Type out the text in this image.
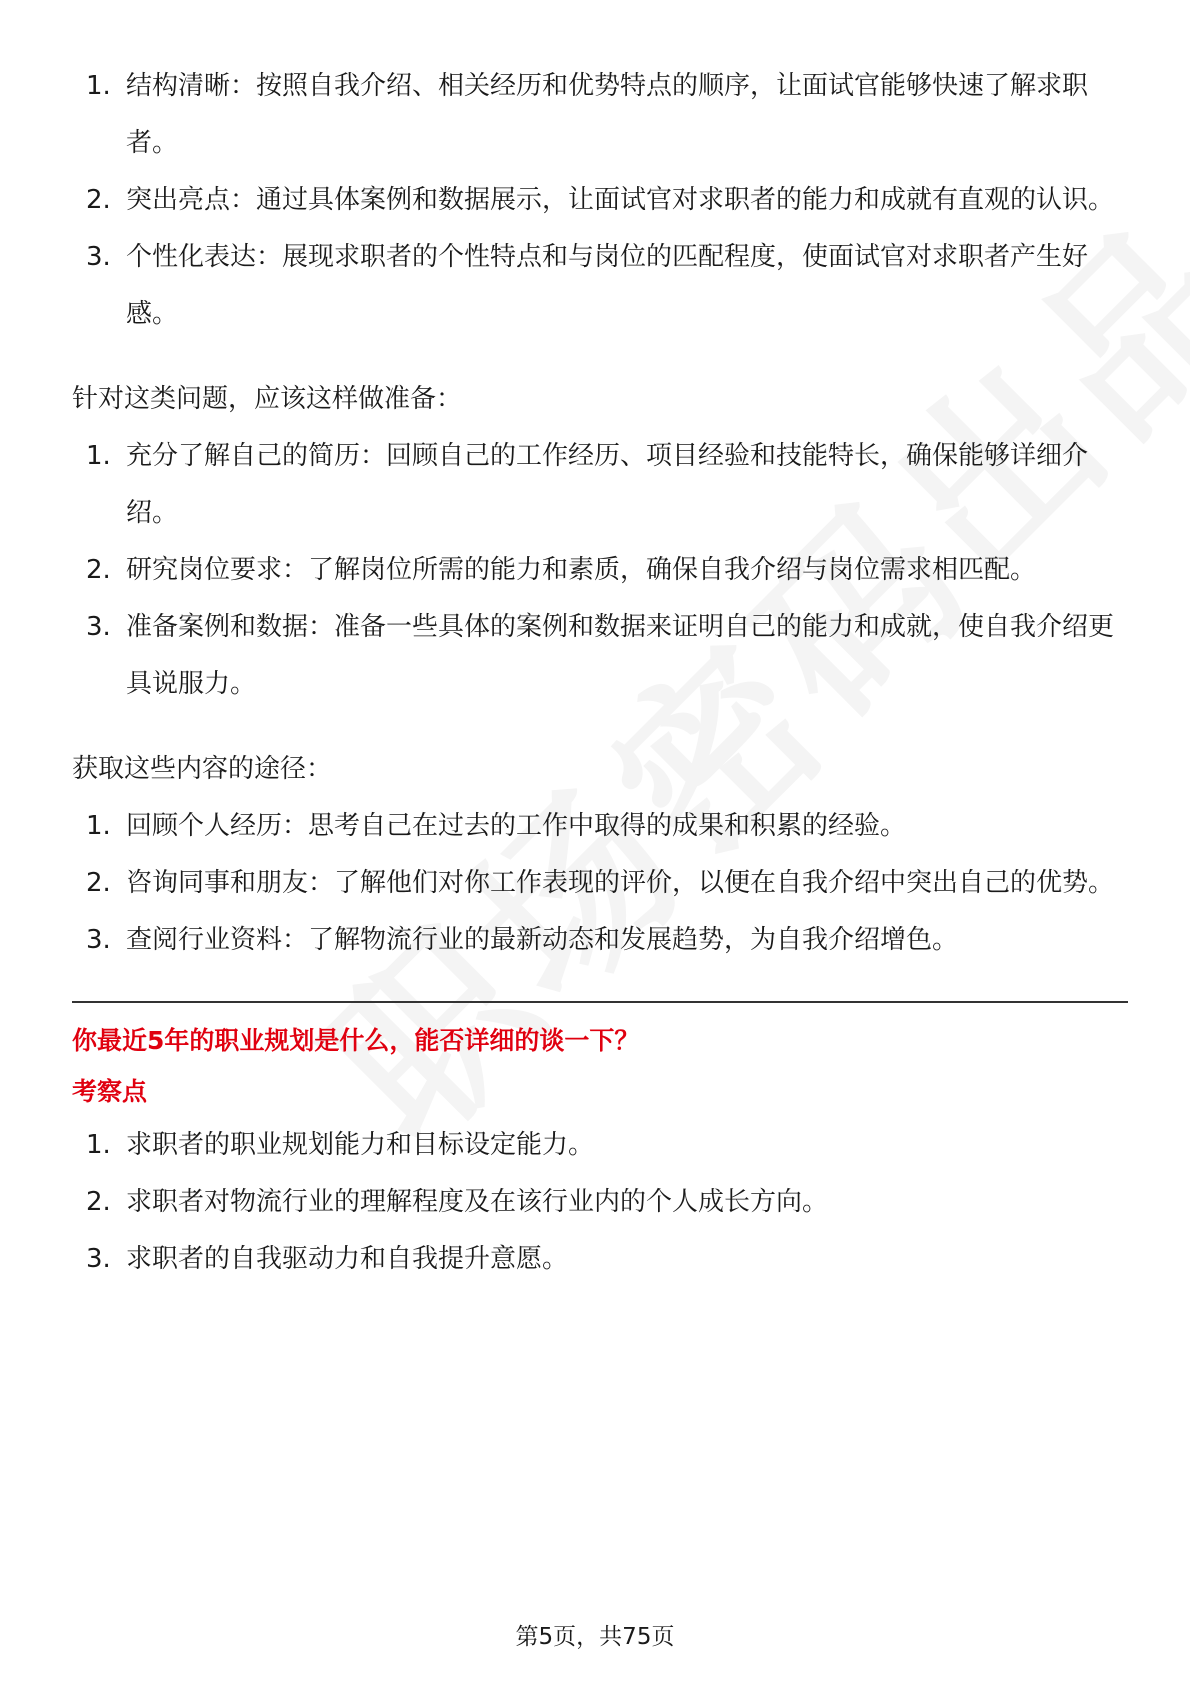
1. 结构清晰：按照自我介绍、相关经历和优势特点的顺序，让面试官能够快速了解求职者。
2. 突出亮点：通过具体案例和数据展示，让面试官对求职者的能力和成就有直观的认识。
3. 个性化表达：展现求职者的个性特点和与岗位的匹配程度，使面试官对求职者产生好感。

针对这类问题，应该这样做准备：

1. 充分了解自己的简历：回顾自己的工作经历、项目经验和技能特长，确保能够详细介绍。
2. 研究岗位要求：了解岗位所需的能力和素质，确保自我介绍与岗位需求相匹配。
3. 准备案例和数据：准备一些具体的案例和数据来证明自己的能力和成就，使自我介绍更具说服力。

获取这些内容的途径：

1. 回顾个人经历：思考自己在过去的工作中取得的成果和积累的经验。
2. 咨询同事和朋友：了解他们对你工作表现的评价，以便在自我介绍中突出自己的优势。
3. 查阅行业资料：了解物流行业的最新动态和发展趋势，为自我介绍增色。

你最近5年的职业规划是什么，能否详细的谈一下？

考察点

1. 求职者的职业规划能力和目标设定能力。
2. 求职者对物流行业的理解程度及在该行业内的个人成长方向。
3. 求职者的自我驱动力和自我提升意愿。
第5页，共75页
